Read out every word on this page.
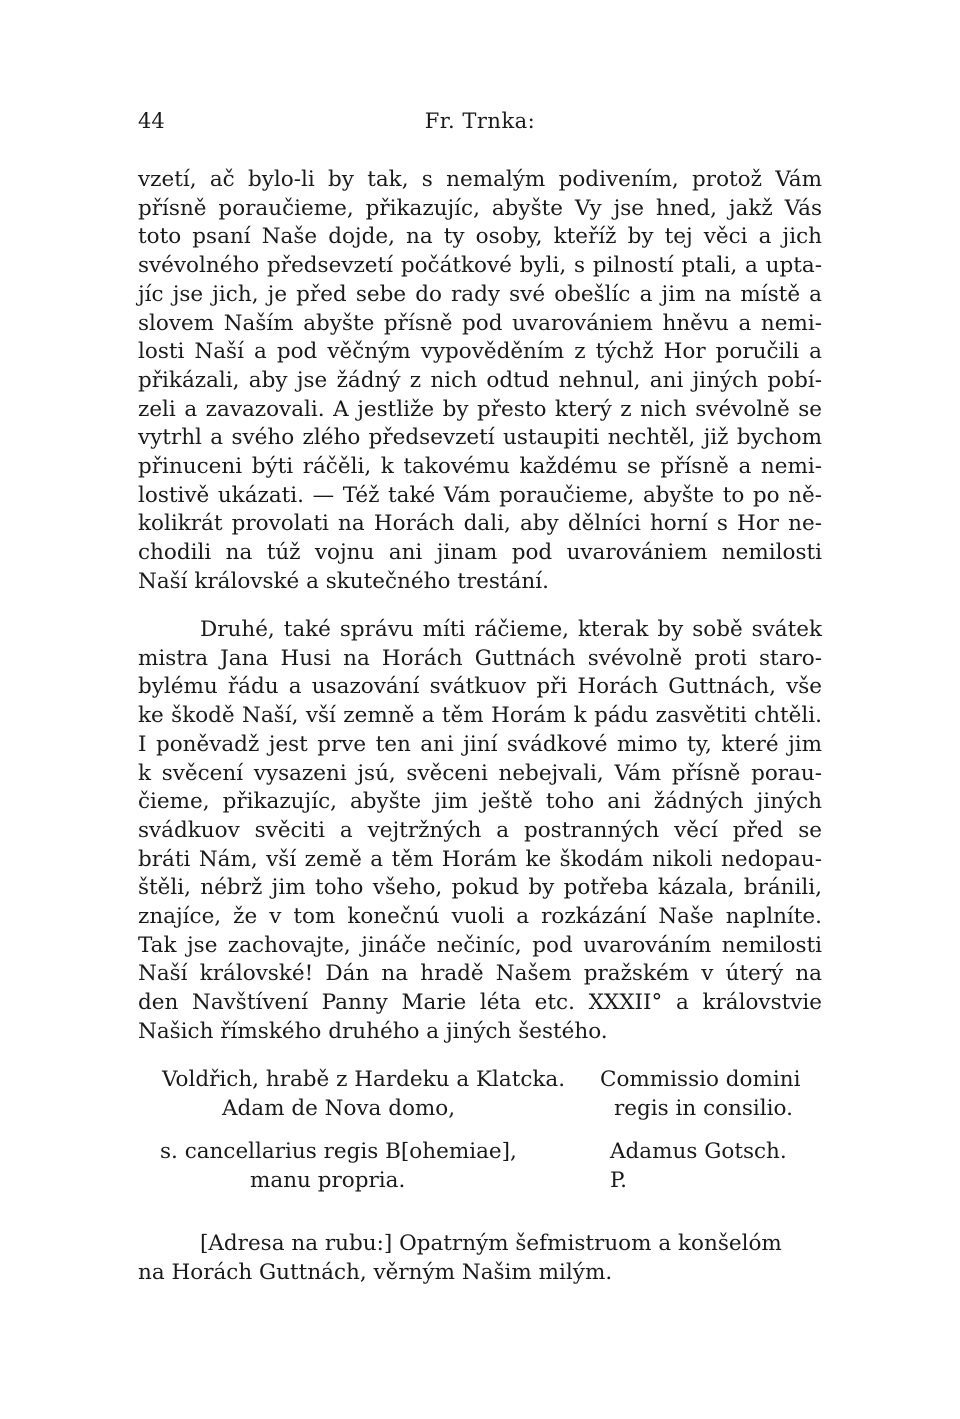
44	Fr. Trnka:
vzetí, ač bylo-li by tak, s nemalým podivením, protož Vám
přísně poraučieme, přikazujíc, abyšte Vy jse hned, jakž Vás
toto psaní Naše dojde, na ty osoby, kteříž by tej věci a jich
svévolného předsevzetí počátkové byli, s pilností ptali, a upta-
jíc jse jich, je před sebe do rady své obešlíc a jim na místě a
slovem Naším abyšte přísně pod uvarovániem hněvu a nemi-
losti Naší a pod věčným vypověděním z týchž Hor poručili a
přikázali, aby jse žádný z nich odtud nehnul, ani jiných pobí-
zeli a zavazovali. A jestliže by přesto který z nich svévolně se
vytrhl a svého zlého předsevzetí ustaupiti nechtěl, již bychom
přinuceni býti ráčěli, k takovému každému se přísně a nemi-
lostivě ukázati. — Též také Vám poraučieme, abyšte to po ně-
kolikrát provolati na Horách dali, aby dělníci horní s Hor ne-
chodili na túž vojnu ani jinam pod uvarovániem nemilosti
Naší královské a skutečného trestání.
Druhé, také správu míti ráčieme, kterak by sobě svátek
mistra Jana Husi na Horách Guttnách svévolně proti staro-
bylému řádu a usazování svátkuov při Horách Guttnách, vše
ke škodě Naší, vší zemně a těm Horám k pádu zasvětiti chtěli.
I poněvadž jest prve ten ani jiní svádkové mimo ty, které jim
k svěcení vysazeni jsú, svěceni nebejvali, Vám přísně porau-
čieme, přikazujíc, abyšte jim ještě toho ani žádných jiných
svádkuov svěciti a vejtržných a postranných věcí před se
bráti Nám, vší země a těm Horám ke škodám nikoli nedopau-
štěli, nébrž jim toho všeho, pokud by potřeba kázala, bránili,
znajíce, že v tom konečnú vuoli a rozkázání Naše naplníte.
Tak jse zachovajte, jináče nečiníc, pod uvarováním nemilosti
Naší královské! Dán na hradě Našem pražském v úterý na
den Navštívení Panny Marie léta etc. XXXII° a královstvie
Našich římského druhého a jiných šestého.
Voldřich, hrabě z Hardeku a Klatcka.
Adam de Nova domo,
Commissio domini
regis in consilio.
s. cancellarius regis B[ohemiae],
manu propria.
Adamus Gotsch.
P.
[Adresa na rubu:] Opatrným šefmistruom a konšelóm
na Horách Guttnách, věrným Našim milým.
